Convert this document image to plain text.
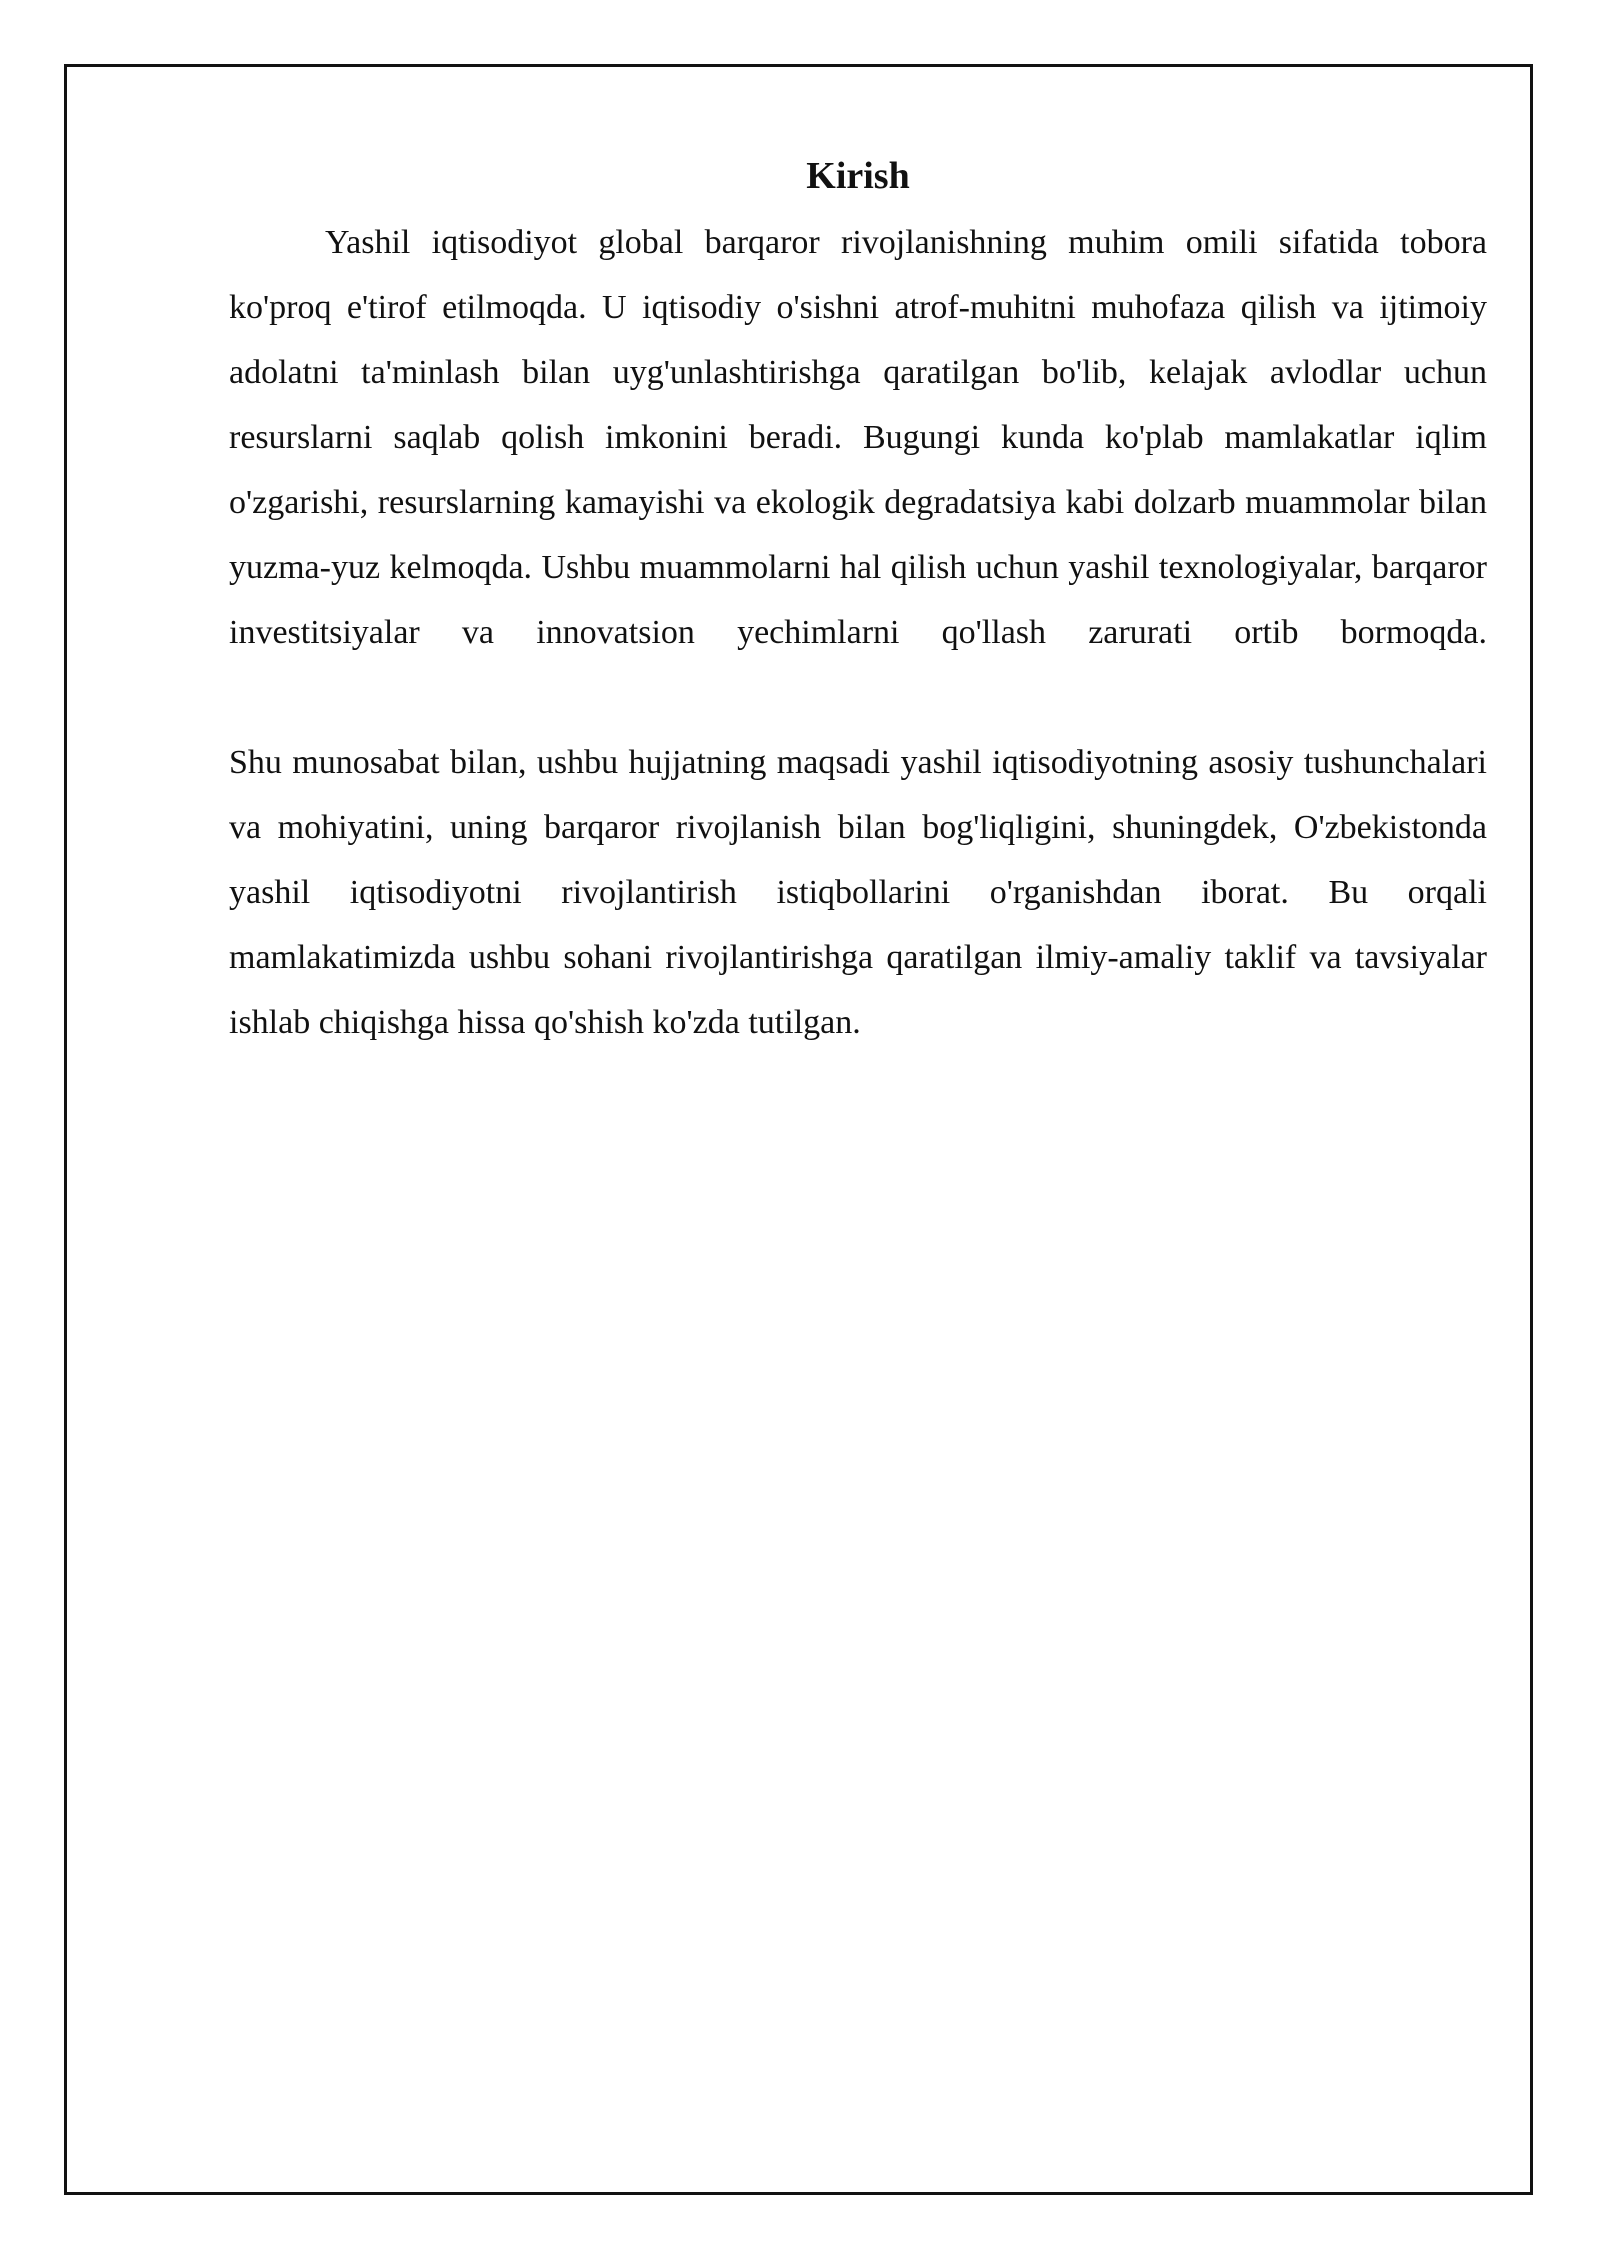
Kirish

Yashil iqtisodiyot global barqaror rivojlanishning muhim omili sifatida tobora ko'proq e'tirof etilmoqda. U iqtisodiy o'sishni atrof-muhitni muhofaza qilish va ijtimoiy adolatni ta'minlash bilan uyg'unlashtirishga qaratilgan bo'lib, kelajak avlodlar uchun resurslarni saqlab qolish imkonini beradi. Bugungi kunda ko'plab mamlakatlar iqlim o'zgarishi, resurslarning kamayishi va ekologik degradatsiya kabi dolzarb muammolar bilan yuzma-yuz kelmoqda. Ushbu muammolarni hal qilish uchun yashil texnologiyalar, barqaror investitsiyalar va innovatsion yechimlarni qo'llash zarurati ortib bormoqda.

Shu munosabat bilan, ushbu hujjatning maqsadi yashil iqtisodiyotning asosiy tushunchalari va mohiyatini, uning barqaror rivojlanish bilan bog'liqligini, shuningdek, O'zbekistonda yashil iqtisodiyotni rivojlantirish istiqbollarini o'rganishdan iborat. Bu orqali mamlakatimizda ushbu sohani rivojlantirishga qaratilgan ilmiy-amaliy taklif va tavsiyalar ishlab chiqishga hissa qo'shish ko'zda tutilgan.
